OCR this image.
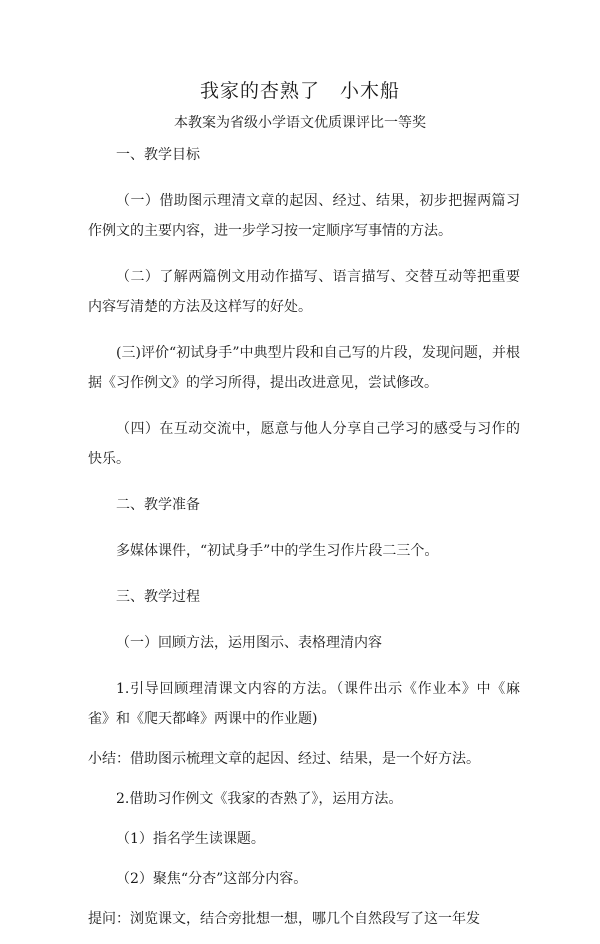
我家的杏熟了　小木船
本教案为省级小学语文优质课评比一等奖

一、教学目标

（一）借助图示理清文章的起因、经过、结果，初步把握两篇习作例文的主要内容，进一步学习按一定顺序写事情的方法。

（二）了解两篇例文用动作描写、语言描写、交替互动等把重要内容写清楚的方法及这样写的好处。

(三)评价“初试身手”中典型片段和自己写的片段，发现问题，并根据《习作例文》的学习所得，提出改进意见，尝试修改。

（四）在互动交流中，愿意与他人分享自己学习的感受与习作的快乐。

二、教学准备

多媒体课件，“初试身手”中的学生习作片段二三个。

三、教学过程

（一）回顾方法，运用图示、表格理清内容

1.引导回顾理清课文内容的方法。（课件出示《作业本》中《麻雀》和《爬天都峰》两课中的作业题)

小结：借助图示梳理文章的起因、经过、结果，是一个好方法。

2.借助习作例文《我家的杏熟了》，运用方法。

（1）指名学生读课题。

（2）聚焦“分杏”这部分内容。

提问：浏览课文，结合旁批想一想，哪几个自然段写了这一年发
